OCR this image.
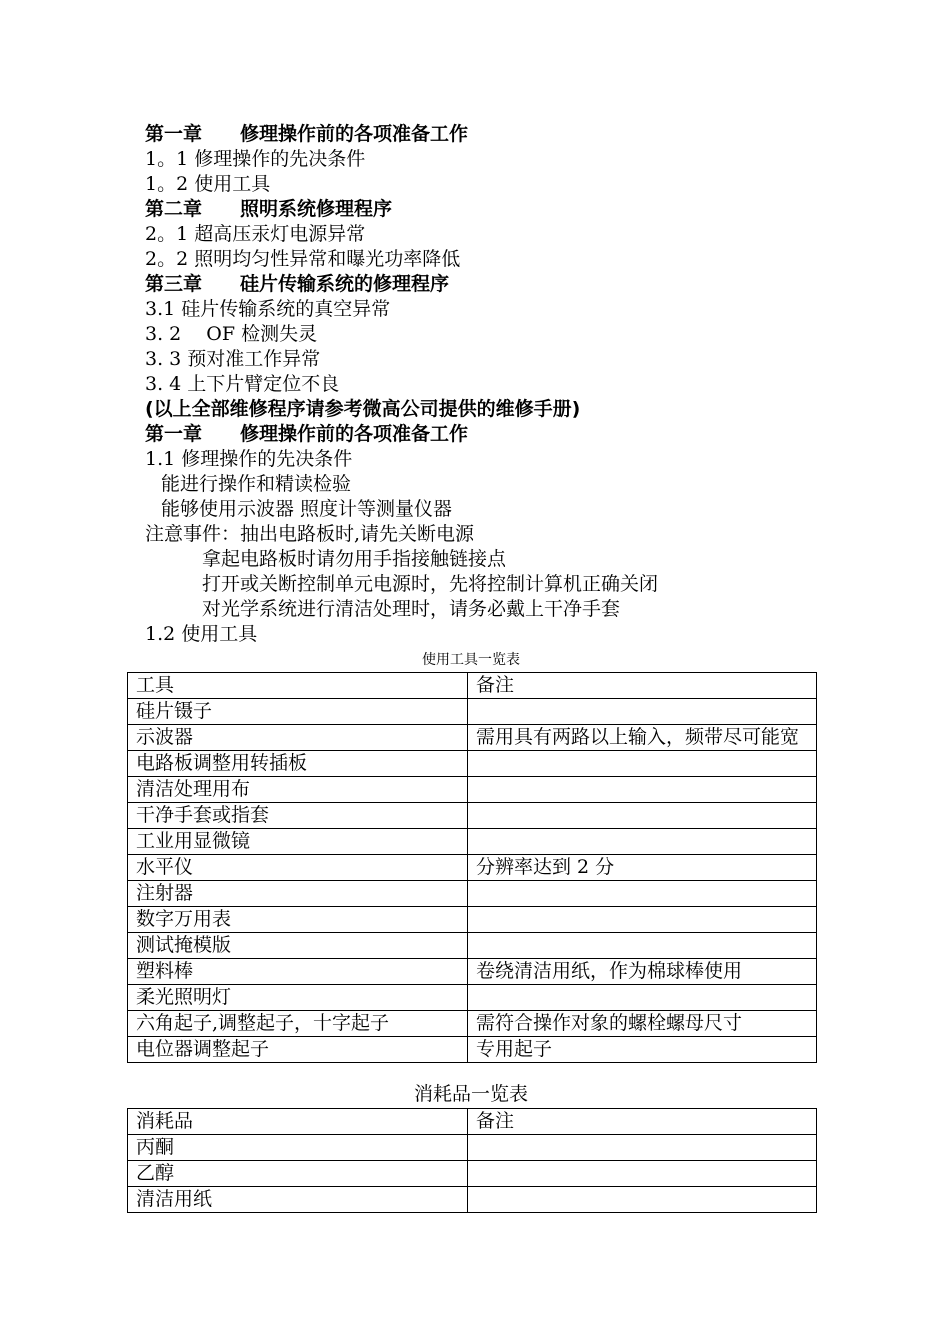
第一章 修理操作前的各项准备工作
1。1 修理操作的先决条件
1。2 使用工具
第二章 照明系统修理程序
2。1 超高压汞灯电源异常
2。2 照明均匀性异常和曝光功率降低
第三章 硅片传输系统的修理程序
3.1 硅片传输系统的真空异常
3. 2　 OF 检测失灵
3. 3 预对准工作异常
3. 4 上下片臂定位不良
(以上全部维修程序请参考微高公司提供的维修手册)
第一章 修理操作前的各项准备工作
1.1 修理操作的先决条件
能进行操作和精读检验
能够使用示波器 照度计等测量仪器
注意事件：抽出电路板时,请先关断电源
拿起电路板时请勿用手指接触链接点
打开或关断控制单元电源时，先将控制计算机正确关闭
对光学系统进行清洁处理时，请务必戴上干净手套
1.2 使用工具
使用工具一览表
工具	备注
硅片镊子	
示波器	需用具有两路以上输入，频带尽可能宽
电路板调整用转插板	
清洁处理用布	
干净手套或指套	
工业用显微镜	
水平仪	分辨率达到 2 分
注射器	
数字万用表	
测试掩模版	
塑料棒	卷绕清洁用纸，作为棉球棒使用
柔光照明灯	
六角起子,调整起子，十字起子	需符合操作对象的螺栓螺母尺寸
电位器调整起子	专用起子
消耗品一览表
消耗品	备注
丙酮	
乙醇	
清洁用纸	
